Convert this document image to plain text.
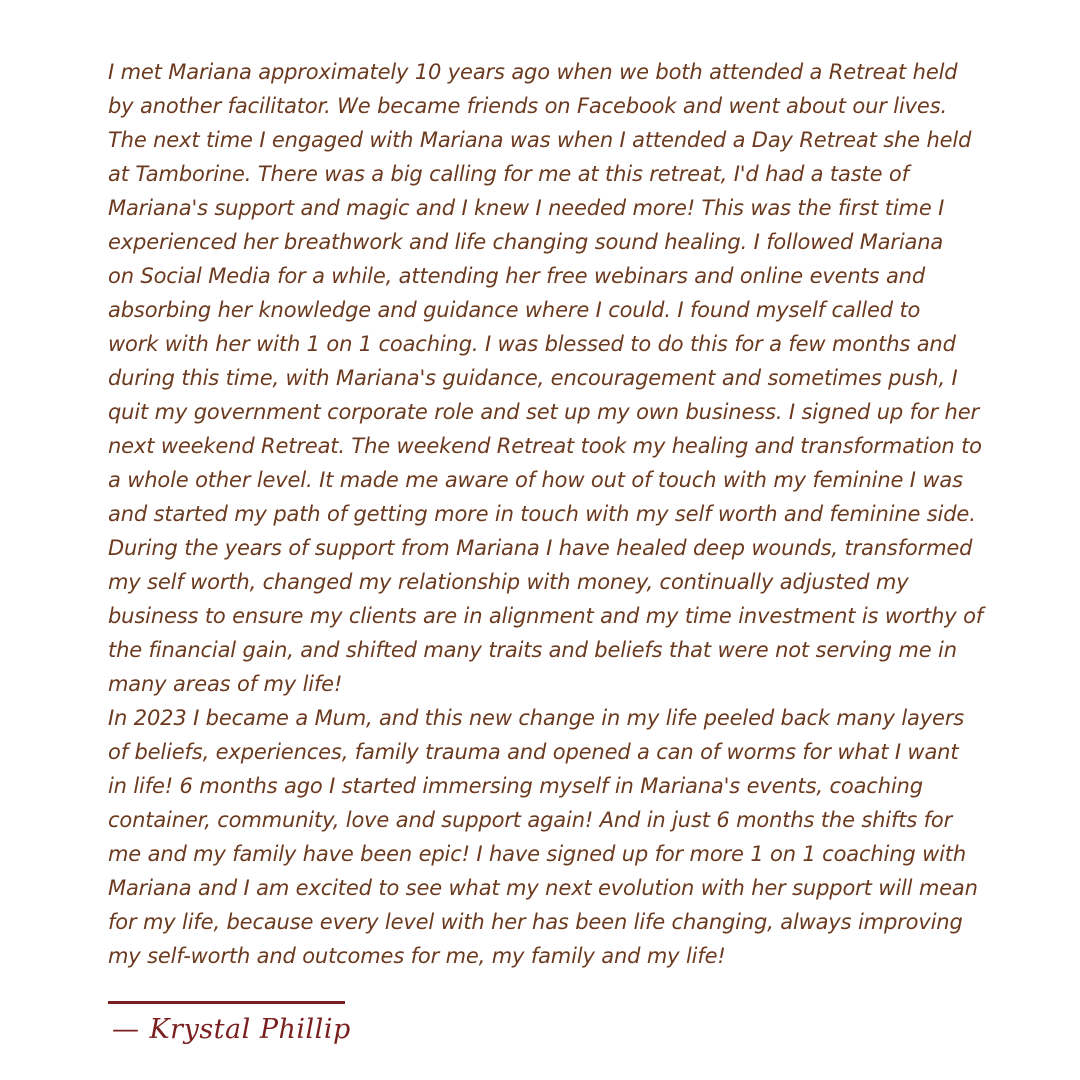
I met Mariana approximately 10 years ago when we both attended a Retreat held
by another facilitator. We became friends on Facebook and went about our lives.
The next time I engaged with Mariana was when I attended a Day Retreat she held
at Tamborine. There was a big calling for me at this retreat, I'd had a taste of
Mariana's support and magic and I knew I needed more! This was the first time I
experienced her breathwork and life changing sound healing. I followed Mariana
on Social Media for a while, attending her free webinars and online events and
absorbing her knowledge and guidance where I could. I found myself called to
work with her with 1 on 1 coaching. I was blessed to do this for a few months and
during this time, with Mariana's guidance, encouragement and sometimes push, I
quit my government corporate role and set up my own business. I signed up for her
next weekend Retreat. The weekend Retreat took my healing and transformation to
a whole other level. It made me aware of how out of touch with my feminine I was
and started my path of getting more in touch with my self worth and feminine side.
During the years of support from Mariana I have healed deep wounds, transformed
my self worth, changed my relationship with money, continually adjusted my
business to ensure my clients are in alignment and my time investment is worthy of
the financial gain, and shifted many traits and beliefs that were not serving me in
many areas of my life!
In 2023 I became a Mum, and this new change in my life peeled back many layers
of beliefs, experiences, family trauma and opened a can of worms for what I want
in life! 6 months ago I started immersing myself in Mariana's events, coaching
container, community, love and support again! And in just 6 months the shifts for
me and my family have been epic! I have signed up for more 1 on 1 coaching with
Mariana and I am excited to see what my next evolution with her support will mean
for my life, because every level with her has been life changing, always improving
my self-worth and outcomes for me, my family and my life!
— Krystal Phillip
